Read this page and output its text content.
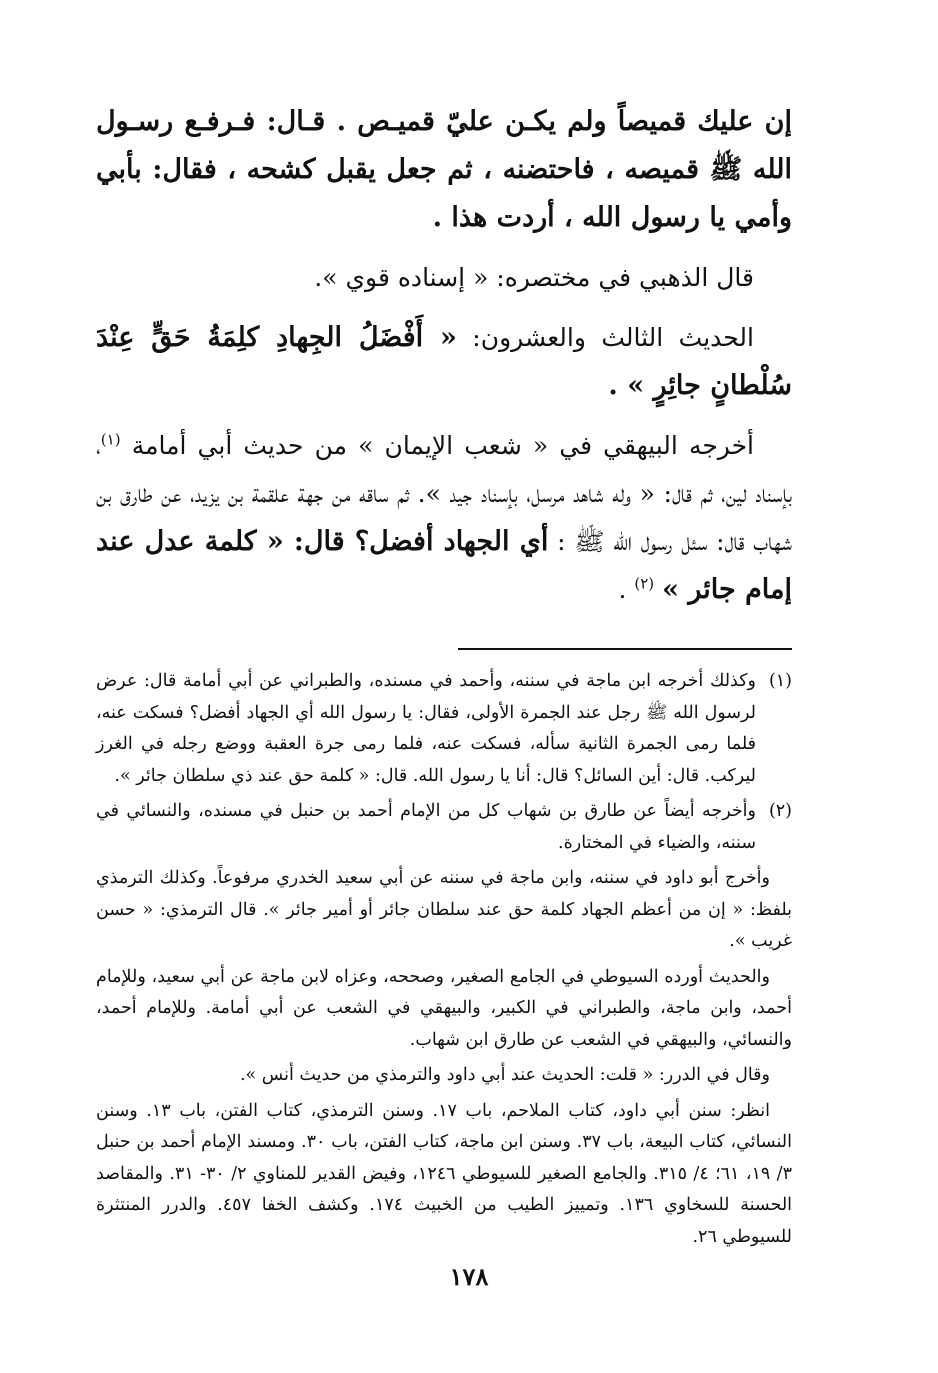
إن عليك قميصاً ولم يكـن عليّ قميـص . قـال: فـرفـع رسـول الله ﷺ قميصه ، فاحتضنه ، ثم جعل يقبل كشحه ، فقال: بأبي وأمي يا رسول الله ، أردت هذا .

قال الذهبي في مختصره: « إسناده قوي ».

الحديث الثالث والعشرون: « أَفْضَلُ الجِهادِ كلِمَةُ حَقٍّ عِنْدَ سُلْطانٍ جائِرٍ » .

أخرجه البيهقي في « شعب الإيمان » من حديث أبي أمامة $^{(١)}$، بإسناد لين، ثم قال: « وله شاهد مرسل، بإسناد جيد ». ثم ساقه من جهة علقمة بن يزيد، عن طارق بن شهاب قال: سئل رسول الله ﷺ : أي الجهاد أفضل؟ قال: « كلمة عدل عند إمام جائر » $^{(٢)}$ .

(١)
وكذلك أخرجه ابن ماجة في سننه، وأحمد في مسنده، والطبراني عن أبي أمامة قال: عرض لرسول الله ﷺ رجل عند الجمرة الأولى، فقال: يا رسول الله أي الجهاد أفضل؟ فسكت عنه، فلما رمى الجمرة الثانية سأله، فسكت عنه، فلما رمى جرة العقبة ووضع رجله في الغرز ليركب. قال: أين السائل؟ قال: أنا يا رسول الله. قال: « كلمة حق عند ذي سلطان جائر ».

(٢)
وأخرجه أيضاً عن طارق بن شهاب كل من الإمام أحمد بن حنبل في مسنده، والنسائي في سننه، والضياء في المختارة.

وأخرج أبو داود في سننه، وابن ماجة في سننه عن أبي سعيد الخدري مرفوعاً. وكذلك الترمذي بلفظ: « إن من أعظم الجهاد كلمة حق عند سلطان جائر أو أمير جائر ». قال الترمذي: « حسن غريب ».

والحديث أورده السيوطي في الجامع الصغير، وصححه، وعزاه لابن ماجة عن أبي سعيد، وللإمام أحمد، وابن ماجة، والطبراني في الكبير، والبيهقي في الشعب عن أبي أمامة. وللإمام أحمد، والنسائي، والبيهقي في الشعب عن طارق ابن شهاب.

وقال في الدرر: « قلت: الحديث عند أبي داود والترمذي من حديث أنس ».

انظر: سنن أبي داود، كتاب الملاحم، باب ١٧. وسنن الترمذي، كتاب الفتن، باب ١٣. وسنن النسائي، كتاب البيعة، باب ٣٧. وسنن ابن ماجة، كتاب الفتن، باب ٣٠. ومسند الإمام أحمد بن حنبل ٣/ ١٩، ٦١؛ ٤/ ٣١٥. والجامع الصغير للسيوطي ١٢٤٦، وفيض القدير للمناوي ٢/ ٣٠- ٣١. والمقاصد الحسنة للسخاوي ١٣٦. وتمييز الطيب من الخبيث ١٧٤. وكشف الخفا ٤٥٧. والدرر المنتثرة للسيوطي ٢٦.

١٧٨
